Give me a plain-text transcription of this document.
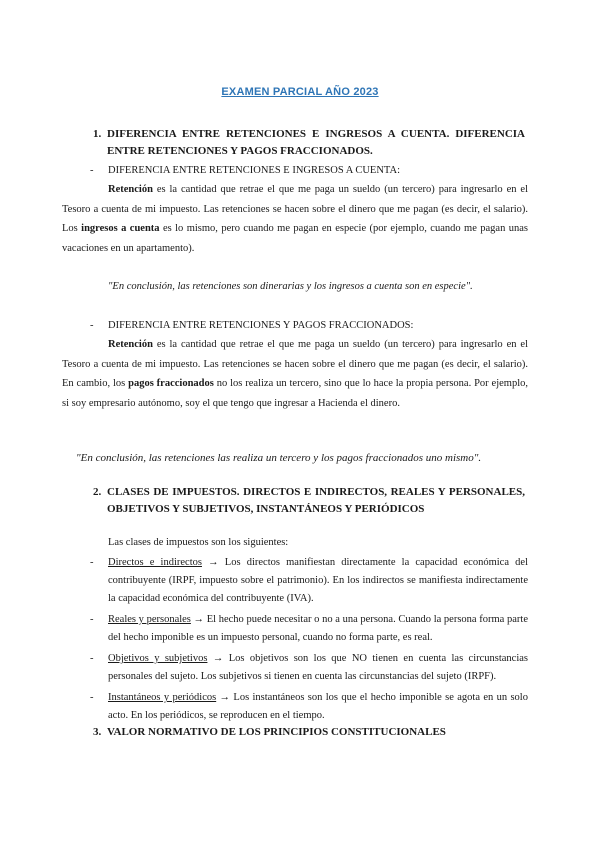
EXAMEN PARCIAL AÑO 2023
1. DIFERENCIA ENTRE RETENCIONES E INGRESOS A CUENTA. DIFERENCIA ENTRE RETENCIONES Y PAGOS FRACCIONADOS.
- DIFERENCIA ENTRE RETENCIONES E INGRESOS A CUENTA:
Retención es la cantidad que retrae el que me paga un sueldo (un tercero) para ingresarlo en el Tesoro a cuenta de mi impuesto. Las retenciones se hacen sobre el dinero que me pagan (es decir, el salario). Los ingresos a cuenta es lo mismo, pero cuando me pagan en especie (por ejemplo, cuando me pagan unas vacaciones en un apartamento).
"En conclusión, las retenciones son dinerarias y los ingresos a cuenta son en especie".
- DIFERENCIA ENTRE RETENCIONES Y PAGOS FRACCIONADOS:
Retención es la cantidad que retrae el que me paga un sueldo (un tercero) para ingresarlo en el Tesoro a cuenta de mi impuesto. Las retenciones se hacen sobre el dinero que me pagan (es decir, el salario). En cambio, los pagos fraccionados no los realiza un tercero, sino que lo hace la propia persona. Por ejemplo, si soy empresario autónomo, soy el que tengo que ingresar a Hacienda el dinero.
"En conclusión, las retenciones las realiza un tercero y los pagos fraccionados uno mismo".
2. CLASES DE IMPUESTOS. DIRECTOS E INDIRECTOS, REALES Y PERSONALES, OBJETIVOS Y SUBJETIVOS, INSTANTÁNEOS Y PERIÓDICOS
Las clases de impuestos son los siguientes:
- Directos e indirectos → Los directos manifiestan directamente la capacidad económica del contribuyente (IRPF, impuesto sobre el patrimonio). En los indirectos se manifiesta indirectamente la capacidad económica del contribuyente (IVA).
- Reales y personales → El hecho puede necesitar o no a una persona. Cuando la persona forma parte del hecho imponible es un impuesto personal, cuando no forma parte, es real.
- Objetivos y subjetivos → Los objetivos son los que NO tienen en cuenta las circunstancias personales del sujeto. Los subjetivos si tienen en cuenta las circunstancias del sujeto (IRPF).
- Instantáneos y periódicos → Los instantáneos son los que el hecho imponible se agota en un solo acto. En los periódicos, se reproducen en el tiempo.
3. VALOR NORMATIVO DE LOS PRINCIPIOS CONSTITUCIONALES
